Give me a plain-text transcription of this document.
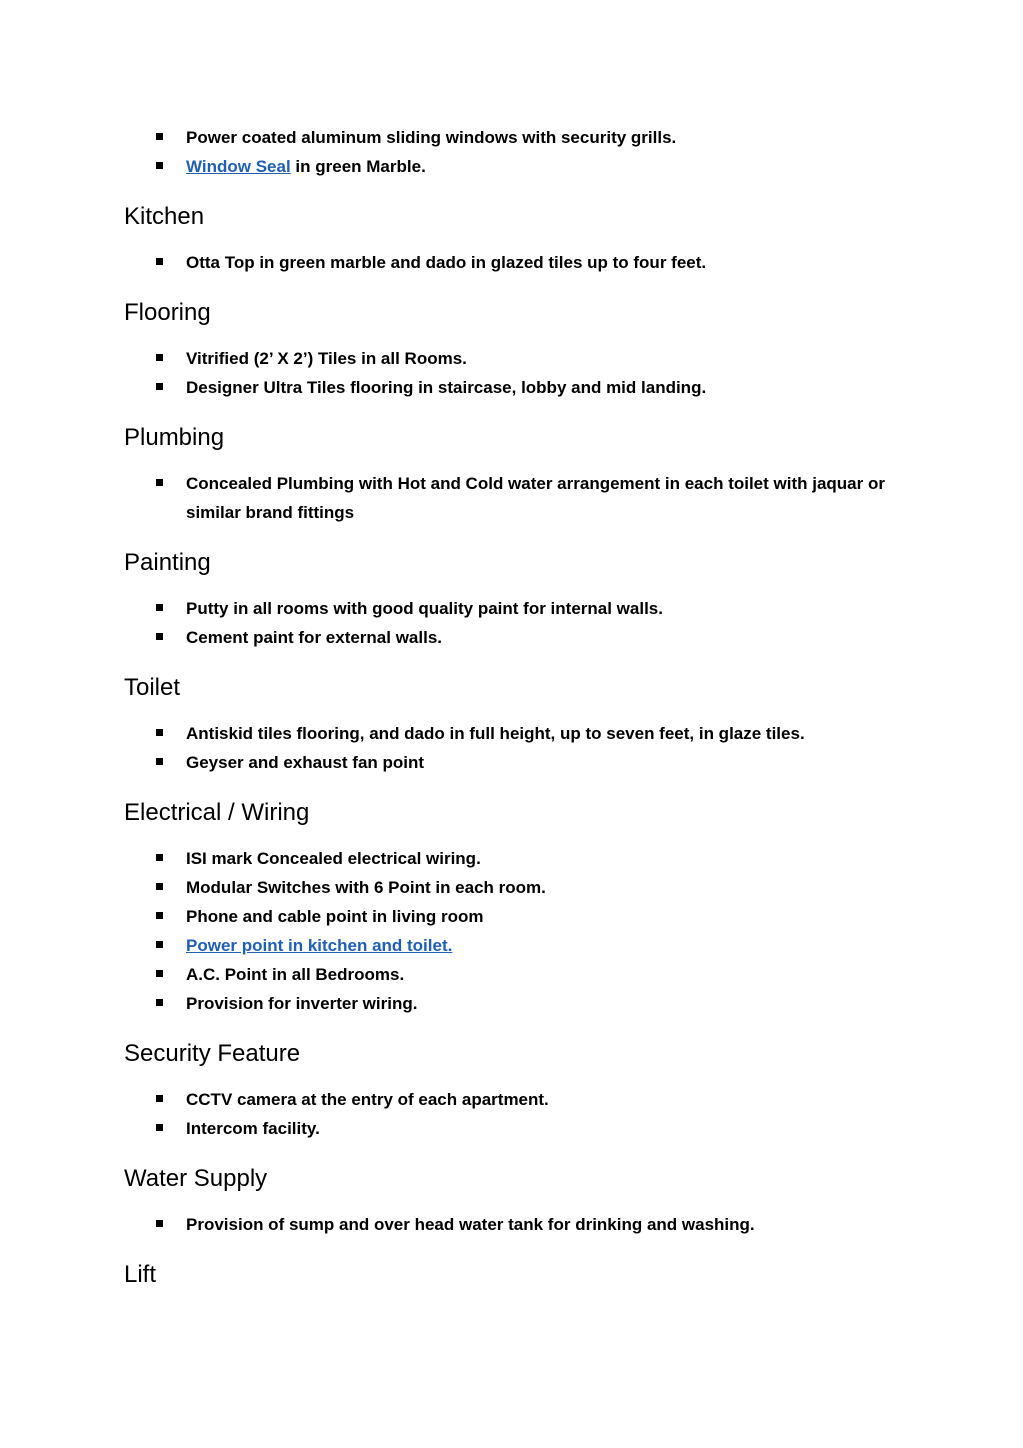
Power coated aluminum sliding windows with security grills.
Window Seal in green Marble.
Kitchen
Otta Top in green marble and dado in glazed tiles up to four feet.
Flooring
Vitrified (2’ X 2’) Tiles in all Rooms.
Designer Ultra Tiles flooring in staircase, lobby and mid landing.
Plumbing
Concealed Plumbing with Hot and Cold water arrangement in each toilet with jaquar or similar brand fittings
Painting
Putty in all rooms with good quality paint for internal walls.
Cement paint for external walls.
Toilet
Antiskid tiles flooring, and dado in full height, up to seven feet, in glaze tiles.
Geyser and exhaust fan point
Electrical / Wiring
ISI mark Concealed electrical wiring.
Modular Switches with 6 Point in each room.
Phone and cable point in living room
Power point in kitchen and toilet.
A.C. Point in all Bedrooms.
Provision for inverter wiring.
Security Feature
CCTV camera at the entry of each apartment.
Intercom facility.
Water Supply
Provision of sump and over head water tank for drinking and washing.
Lift
